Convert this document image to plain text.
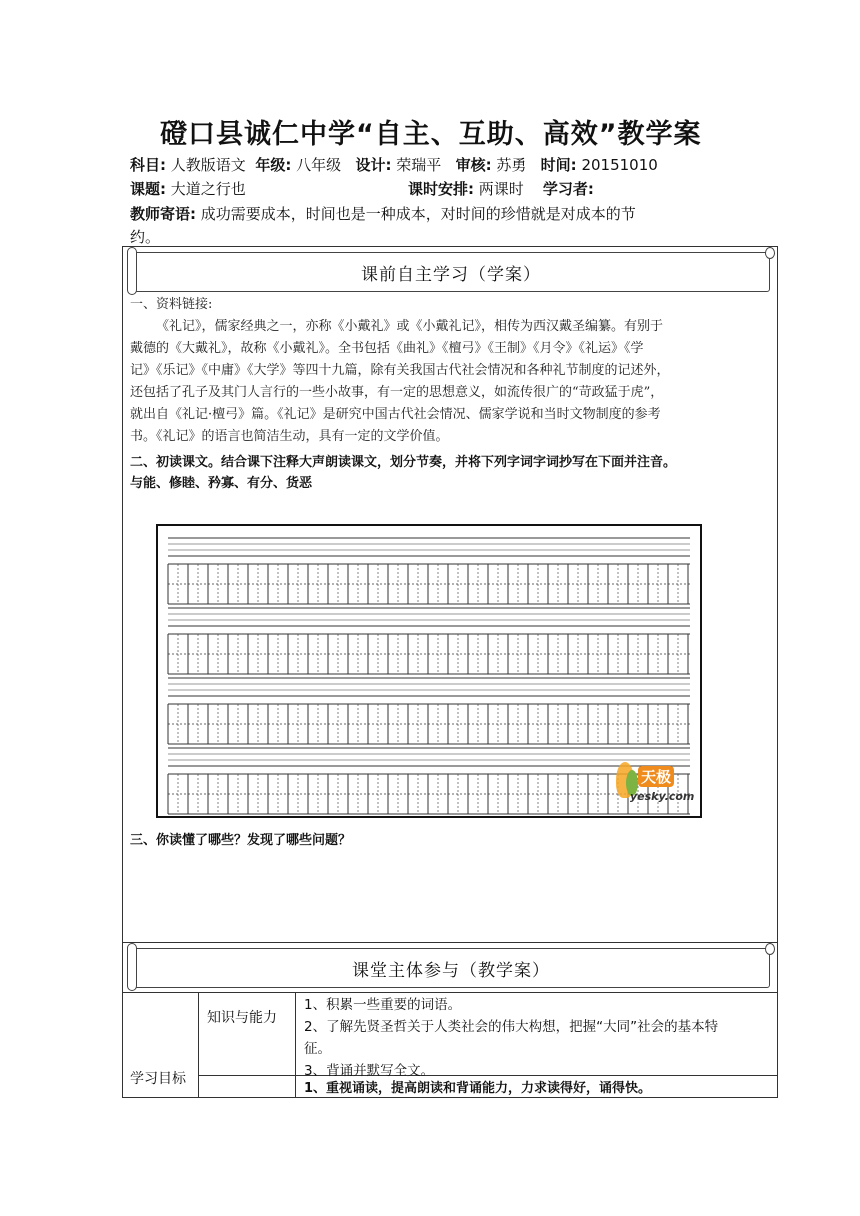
磴口县诚仁中学“自主、互助、高效”教学案
科目: 人教版语文 年级: 八年级 设计: 荣瑞平 审核: 苏勇 时间: 20151010
课题: 大道之行也	课时安排: 两课时 学习者:
教师寄语: 成功需要成本，时间也是一种成本，对时间的珍惜就是对成本的节
约。
课前自主学习（学案）
一、资料链接:
《礼记》，儒家经典之一，亦称《小戴礼》或《小戴礼记》，相传为西汉戴圣编纂。有别于
戴德的《大戴礼》，故称《小戴礼》。全书包括《曲礼》《檀弓》《王制》《月令》《礼运》《学
记》《乐记》《中庸》《大学》等四十九篇，除有关我国古代社会情况和各种礼节制度的记述外，
还包括了孔子及其门人言行的一些小故事，有一定的思想意义，如流传很广的“苛政猛于虎”，
就出自《礼记·檀弓》篇。《礼记》是研究中国古代社会情况、儒家学说和当时文物制度的参考
书。《礼记》的语言也简洁生动，具有一定的文学价值。
二、初读课文。结合课下注释大声朗读课文，划分节奏，并将下列字词字词抄写在下面并注音。
与能、修睦、矜寡、有分、货恶
天极
yesky.com
三、你读懂了哪些？发现了哪些问题？
课堂主体参与（教学案）
学习目标
知识与能力
1、积累一些重要的词语。
2、了解先贤圣哲关于人类社会的伟大构想，把握“大同”社会的基本特
征。
3、背诵并默写全文。
1、重视诵读，提高朗读和背诵能力，力求读得好，诵得快。
